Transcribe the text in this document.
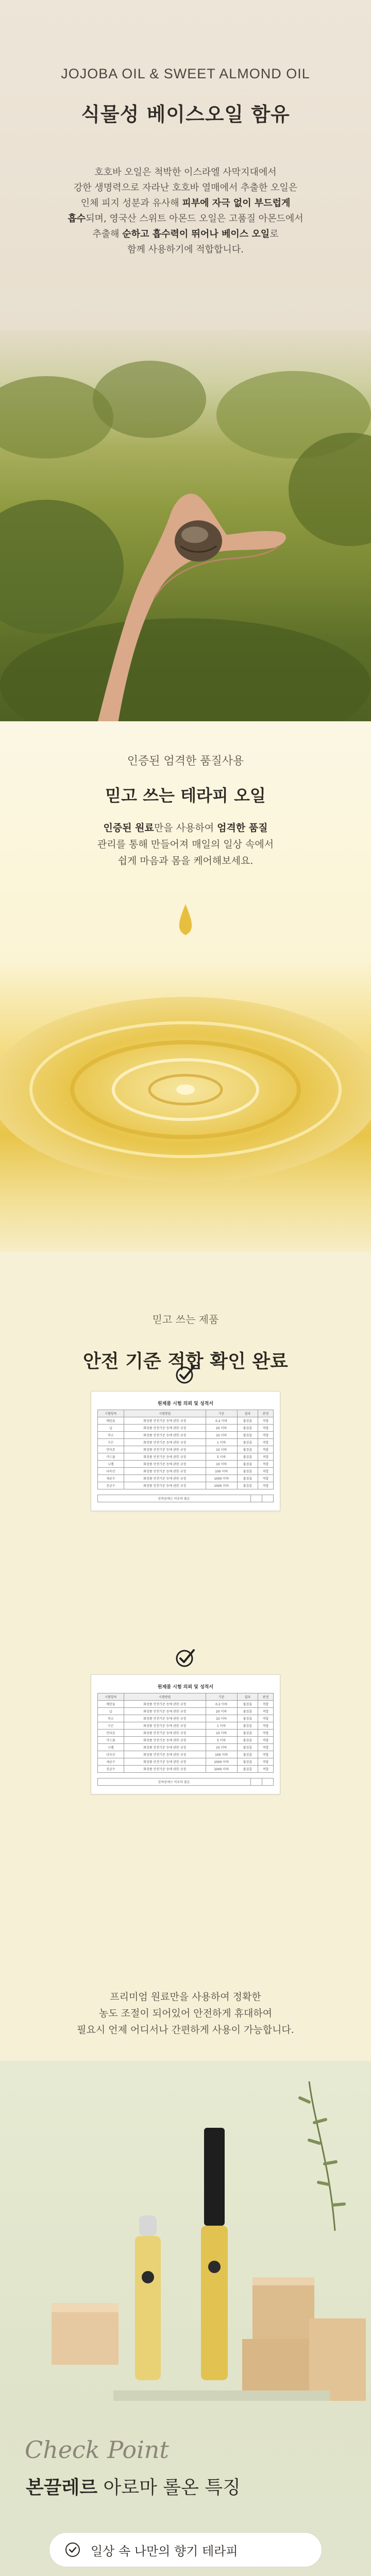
JOJOBA OIL & SWEET ALMOND OIL
식물성 베이스오일 함유
호호바 오일은 척박한 이스라엘 사막지대에서
강한 생명력으로 자라난 호호바 열매에서 추출한 오일은
인체 피지 성분과 유사해 피부에 자극 없이 부드럽게
흡수되며, 영국산 스위트 아몬드 오일은 고품질 아몬드에서
추출해 순하고 흡수력이 뛰어나 베이스 오일로
함께 사용하기에 적합합니다.
인증된 엄격한 품질사용
믿고 쓰는 테라피 오일
인증된 원료만을 사용하여 엄격한 품질
관리를 통해 만들어져 매일의 일상 속에서
쉽게 마음과 몸을 케어해보세요.
믿고 쓰는 제품
안전 기준 적합 확인 완료
원제품 시험 의뢰 및 성적서
시험항목	시험방법	기준	결과	판정
메탄올	화장품 안전기준 등에 관한 규정	0.2 이하	불검출	적합
납	화장품 안전기준 등에 관한 규정	20 이하	불검출	적합
비소	화장품 안전기준 등에 관한 규정	10 이하	불검출	적합
수은	화장품 안전기준 등에 관한 규정	1 이하	불검출	적합
안티몬	화장품 안전기준 등에 관한 규정	10 이하	불검출	적합
카드뮴	화장품 안전기준 등에 관한 규정	5 이하	불검출	적합
니켈	화장품 안전기준 등에 관한 규정	10 이하	불검출	적합
디옥산	화장품 안전기준 등에 관한 규정	100 이하	불검출	적합
세균수	화장품 안전기준 등에 관한 규정	1000 이하	불검출	적합
진균수	화장품 안전기준 등에 관한 규정	1000 이하	불검출	적합
본바른에스 아로마 롤온		
원제품 시험 의뢰 및 성적서
시험항목	시험방법	기준	결과	판정
메탄올	화장품 안전기준 등에 관한 규정	0.2 이하	불검출	적합
납	화장품 안전기준 등에 관한 규정	20 이하	불검출	적합
비소	화장품 안전기준 등에 관한 규정	10 이하	불검출	적합
수은	화장품 안전기준 등에 관한 규정	1 이하	불검출	적합
안티몬	화장품 안전기준 등에 관한 규정	10 이하	불검출	적합
카드뮴	화장품 안전기준 등에 관한 규정	5 이하	불검출	적합
니켈	화장품 안전기준 등에 관한 규정	10 이하	불검출	적합
디옥산	화장품 안전기준 등에 관한 규정	100 이하	불검출	적합
세균수	화장품 안전기준 등에 관한 규정	1000 이하	불검출	적합
진균수	화장품 안전기준 등에 관한 규정	1000 이하	불검출	적합
본바른에스 아로마 롤온		
프리미엄 원료만을 사용하여 정확한
농도 조절이 되어있어 안전하게 휴대하여
필요시 언제 어디서나 간편하게 사용이 가능합니다.
Check Point
본끌레르 아로마 롤온 특징
일상 속 나만의 향기 테라피
